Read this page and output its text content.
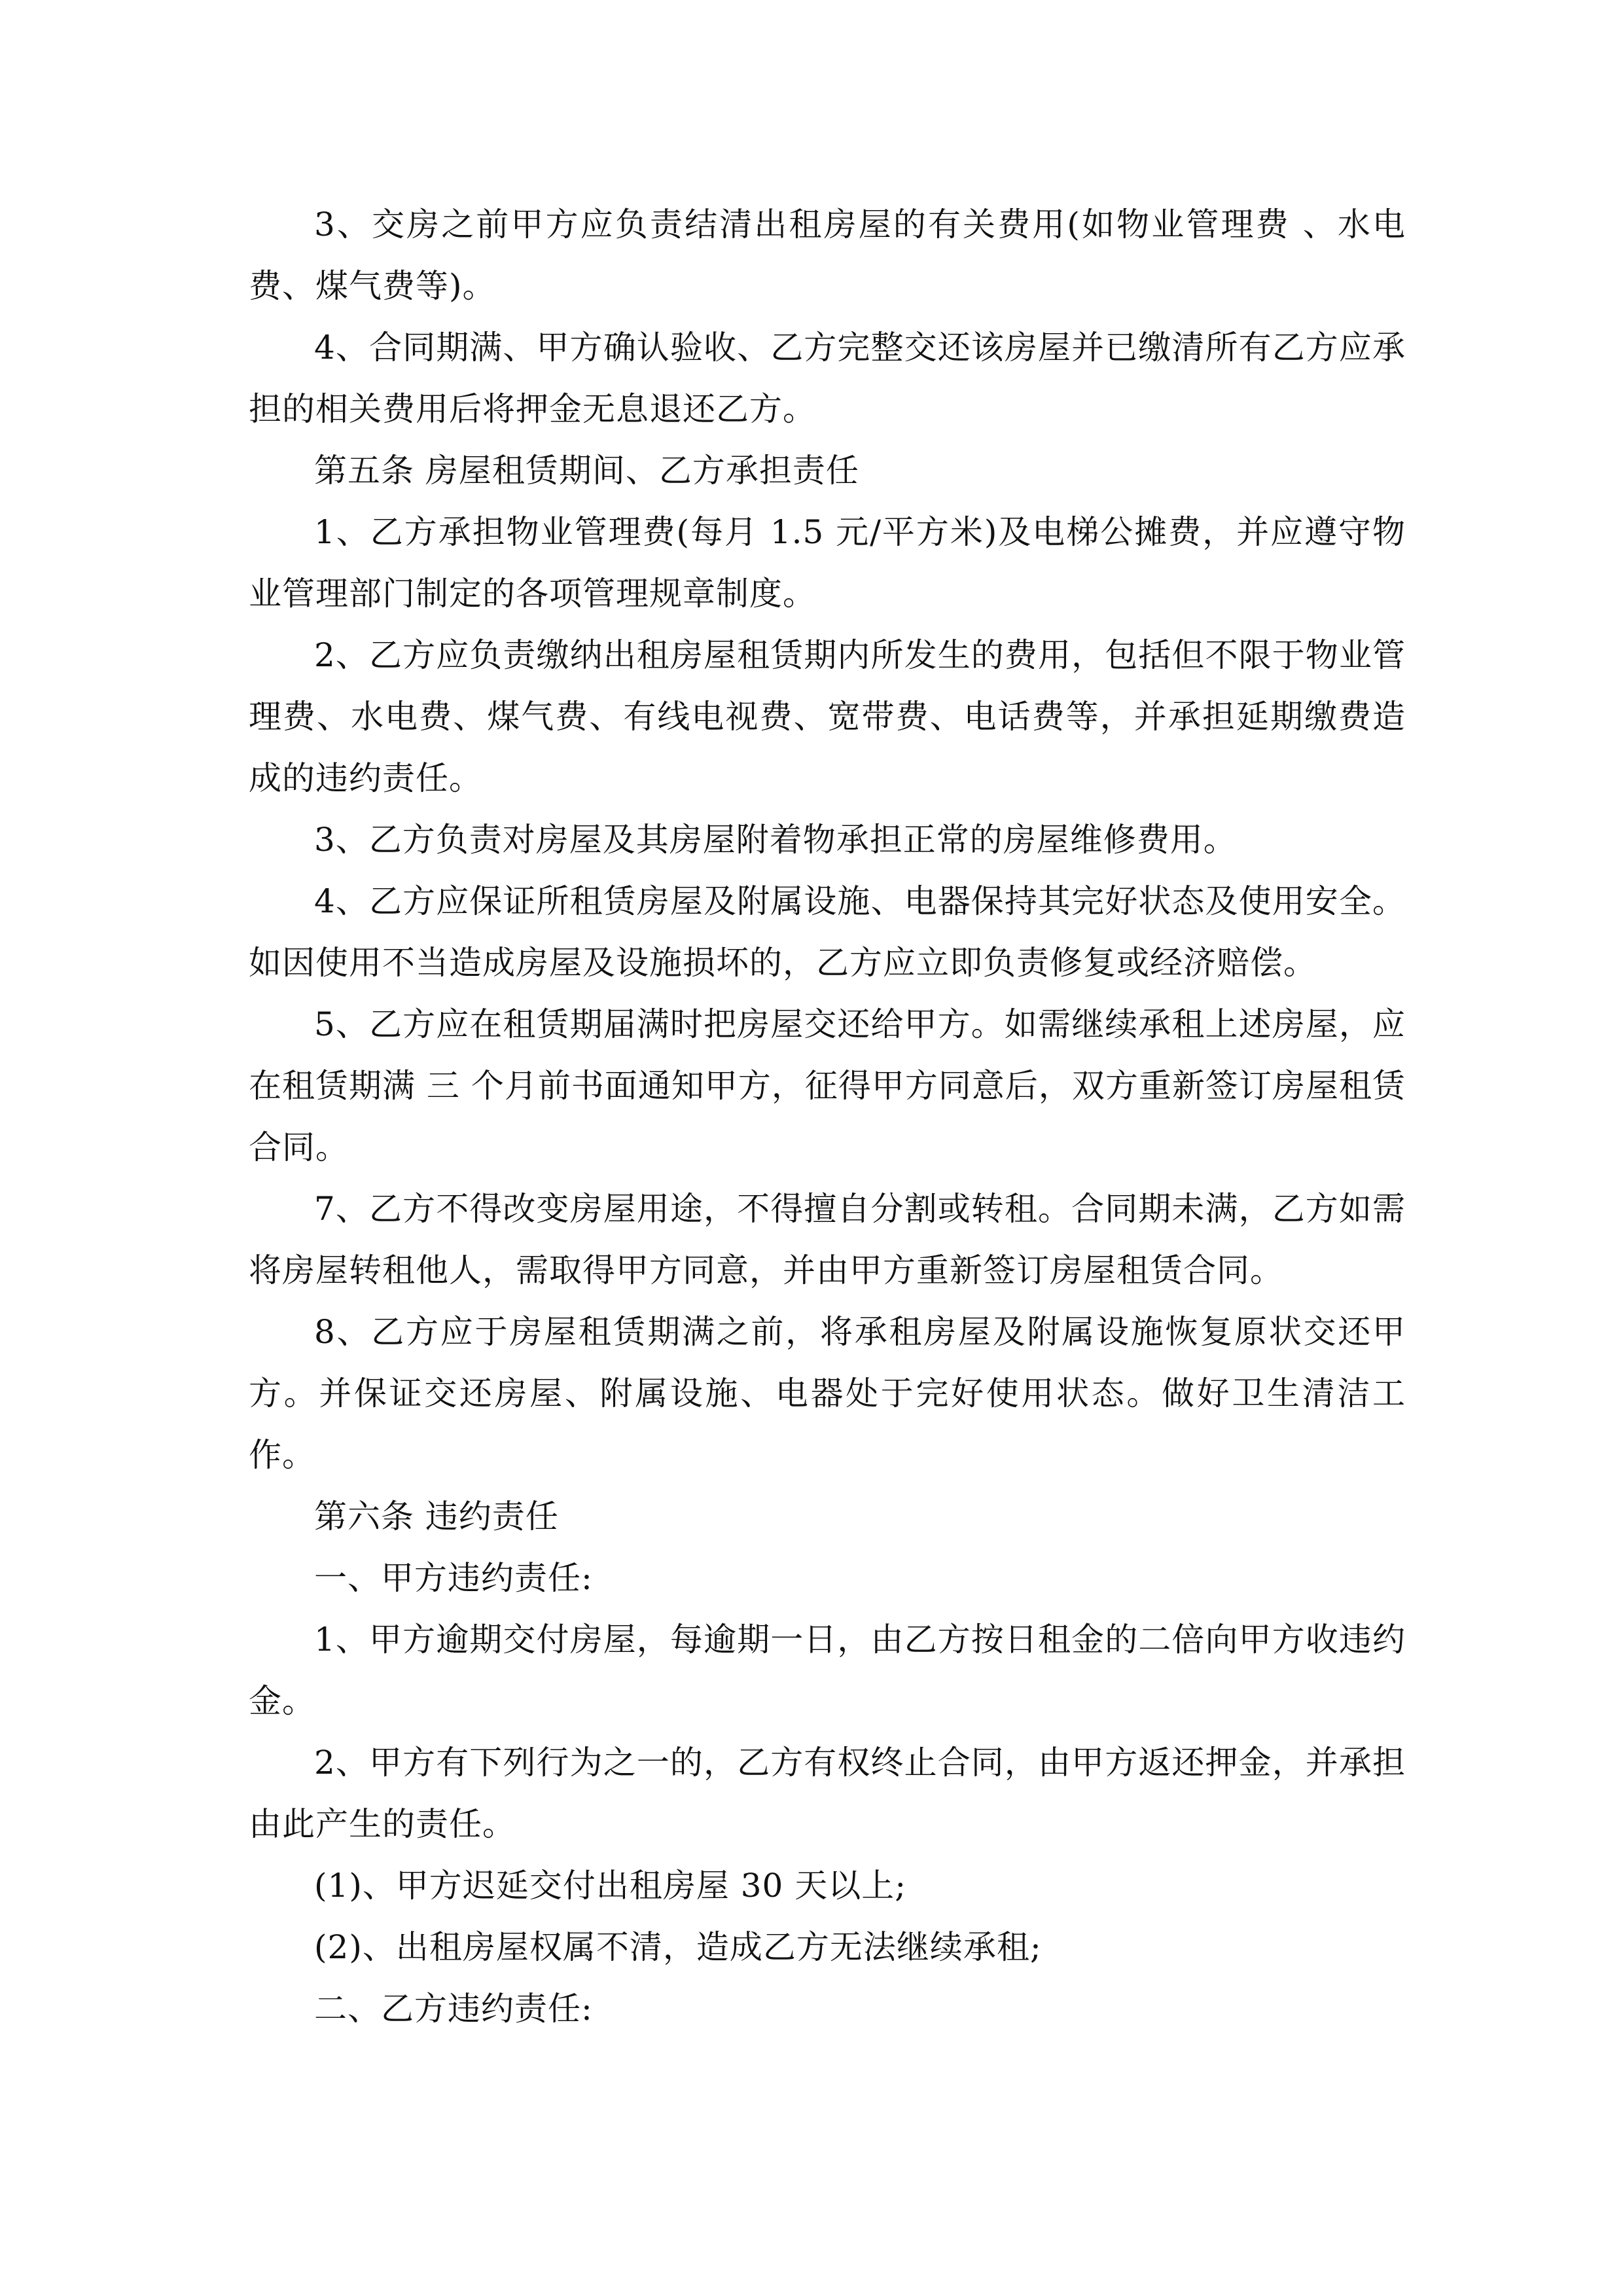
3、交房之前甲方应负责结清出租房屋的有关费用(如物业管理费 、水电费、煤气费等)。

4、合同期满、甲方确认验收、乙方完整交还该房屋并已缴清所有乙方应承担的相关费用后将押金无息退还乙方。

第五条 房屋租赁期间、乙方承担责任

1、乙方承担物业管理费(每月 1.5 元/平方米)及电梯公摊费，并应遵守物业管理部门制定的各项管理规章制度。

2、乙方应负责缴纳出租房屋租赁期内所发生的费用，包括但不限于物业管理费、水电费、煤气费、有线电视费、宽带费、电话费等，并承担延期缴费造成的违约责任。

3、乙方负责对房屋及其房屋附着物承担正常的房屋维修费用。

4、乙方应保证所租赁房屋及附属设施、电器保持其完好状态及使用安全。如因使用不当造成房屋及设施损坏的，乙方应立即负责修复或经济赔偿。

5、乙方应在租赁期届满时把房屋交还给甲方。如需继续承租上述房屋，应在租赁期满 三 个月前书面通知甲方，征得甲方同意后，双方重新签订房屋租赁合同。

7、乙方不得改变房屋用途，不得擅自分割或转租。合同期未满，乙方如需将房屋转租他人，需取得甲方同意，并由甲方重新签订房屋租赁合同。

8、乙方应于房屋租赁期满之前，将承租房屋及附属设施恢复原状交还甲方。并保证交还房屋、附属设施、电器处于完好使用状态。做好卫生清洁工作。

第六条 违约责任

一、甲方违约责任:

1、甲方逾期交付房屋，每逾期一日，由乙方按日租金的二倍向甲方收违约金。

2、甲方有下列行为之一的，乙方有权终止合同，由甲方返还押金，并承担由此产生的责任。

(1)、甲方迟延交付出租房屋 30 天以上;

(2)、出租房屋权属不清，造成乙方无法继续承租;

二、乙方违约责任:
